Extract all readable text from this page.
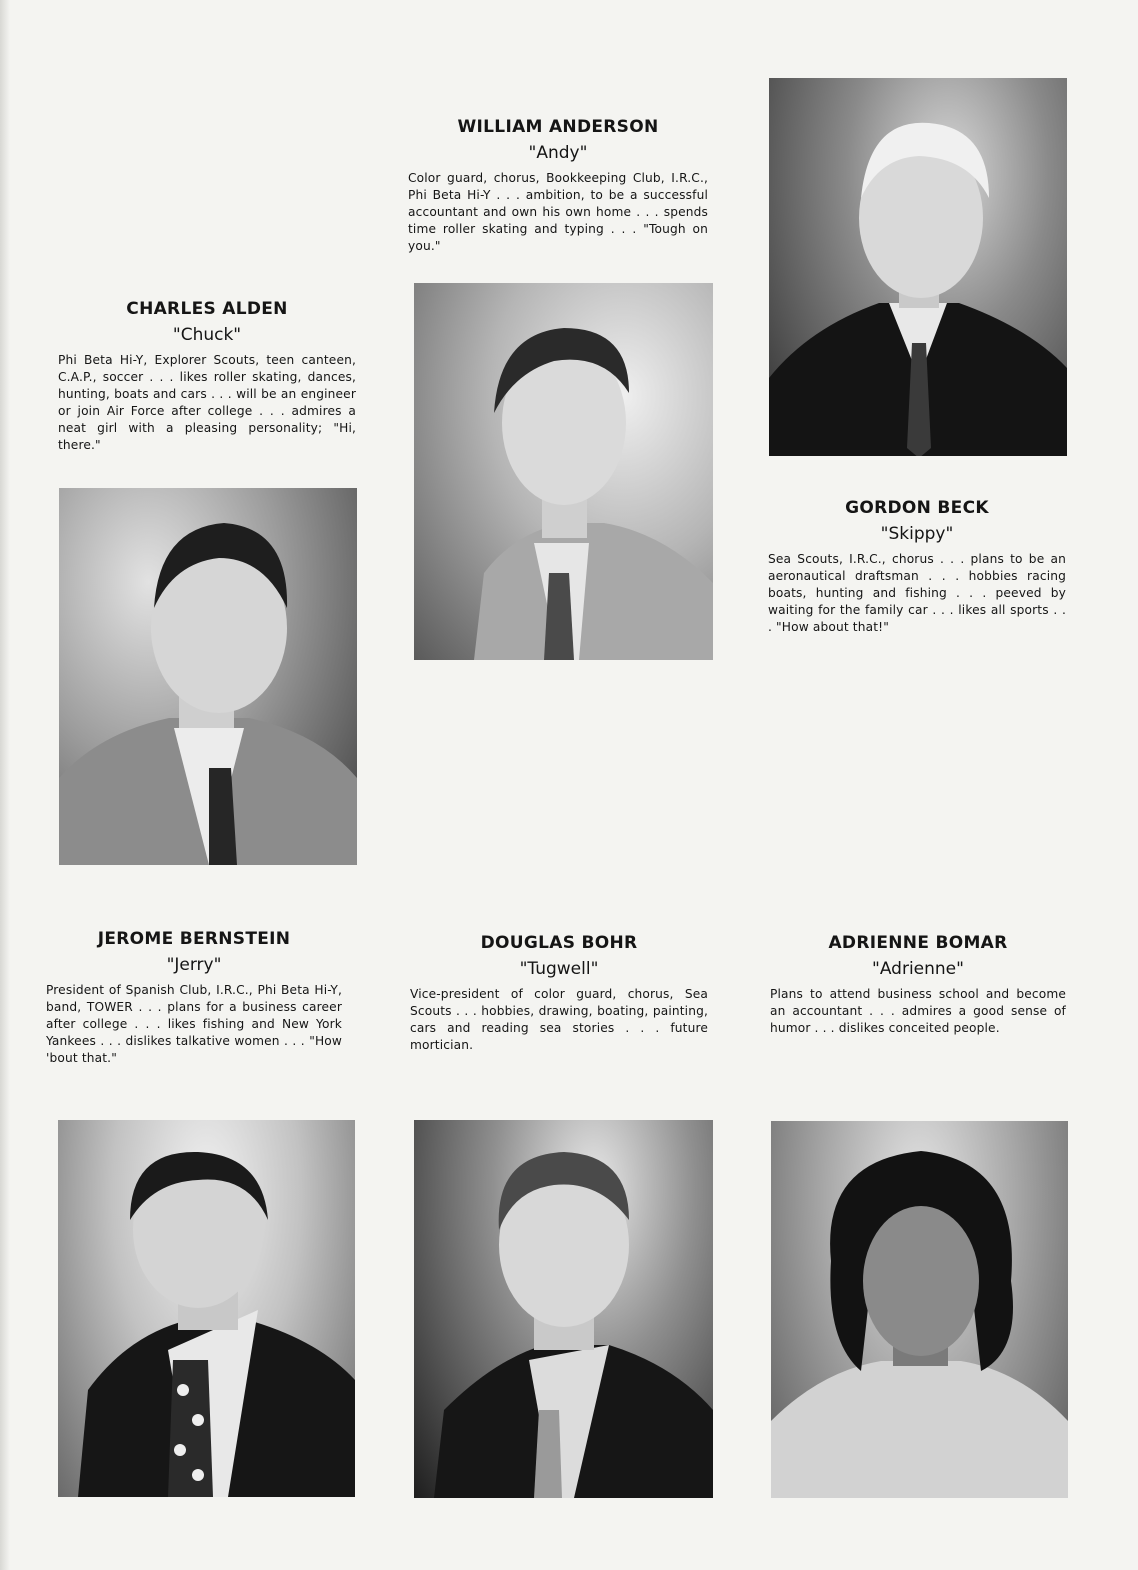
WILLIAM ANDERSON

"Andy"

Color guard, chorus, Bookkeeping Club, I.R.C., Phi Beta Hi-Y . . . ambition, to be a successful accountant and own his own home . . . spends time roller skating and typing . . . "Tough on you."

CHARLES ALDEN

"Chuck"

Phi Beta Hi-Y, Explorer Scouts, teen canteen, C.A.P., soccer . . . likes roller skating, dances, hunting, boats and cars . . . will be an engineer or join Air Force after college . . . admires a neat girl with a pleasing personality; "Hi, there."

GORDON BECK

"Skippy"

Sea Scouts, I.R.C., chorus . . . plans to be an aeronautical draftsman . . . hobbies racing boats, hunting and fishing . . . peeved by waiting for the family car . . . likes all sports . . . "How about that!"

JEROME BERNSTEIN

"Jerry"

President of Spanish Club, I.R.C., Phi Beta Hi-Y, band, TOWER . . . plans for a business career after college . . . likes fishing and New York Yankees . . . dislikes talkative women . . . "How 'bout that."

DOUGLAS BOHR

"Tugwell"

Vice-president of color guard, chorus, Sea Scouts . . . hobbies, drawing, boating, painting, cars and reading sea stories . . . future mortician.

ADRIENNE BOMAR

"Adrienne"

Plans to attend business school and become an accountant . . . admires a good sense of humor . . . dislikes conceited people.
